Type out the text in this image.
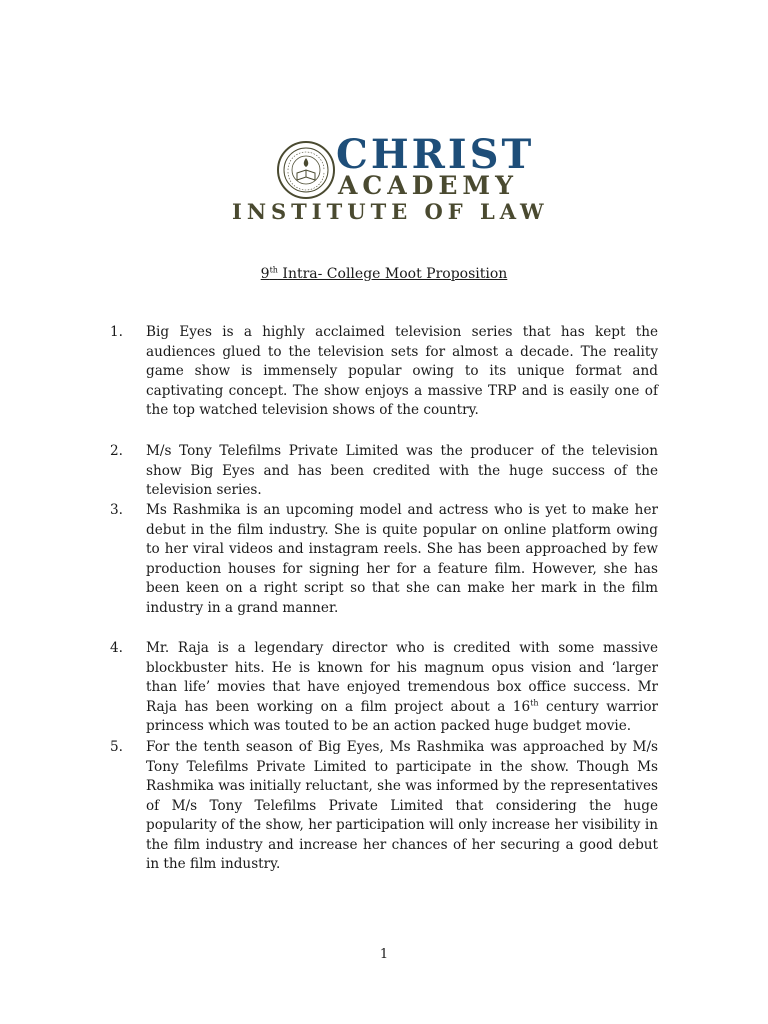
CHRIST
ACADEMY
INSTITUTE OF LAW
9th Intra- College Moot Proposition
1.	Big Eyes is a highly acclaimed television series that has kept the audiences glued to the television sets for almost a decade. The reality game show is immensely popular owing to its unique format and captivating concept. The show enjoys a massive TRP and is easily one of the top watched television shows of the country.
2.	M/s Tony Telefilms Private Limited was the producer of the television show Big Eyes and has been credited with the huge success of the television series.
3.	Ms Rashmika is an upcoming model and actress who is yet to make her debut in the film industry. She is quite popular on online platform owing to her viral videos and instagram reels. She has been approached by few production houses for signing her for a feature film. However, she has been keen on a right script so that she can make her mark in the film industry in a grand manner.
4.	Mr. Raja is a legendary director who is credited with some massive blockbuster hits. He is known for his magnum opus vision and ‘larger than life’ movies that have enjoyed tremendous box office success. Mr Raja has been working on a film project about a 16th century warrior princess which was touted to be an action packed huge budget movie.
5.	For the tenth season of Big Eyes, Ms Rashmika was approached by M/s Tony Telefilms Private Limited to participate in the show. Though Ms Rashmika was initially reluctant, she was informed by the representatives of M/s Tony Telefilms Private Limited that considering the huge popularity of the show, her participation will only increase her visibility in the film industry and increase her chances of her securing a good debut in the film industry.
1
